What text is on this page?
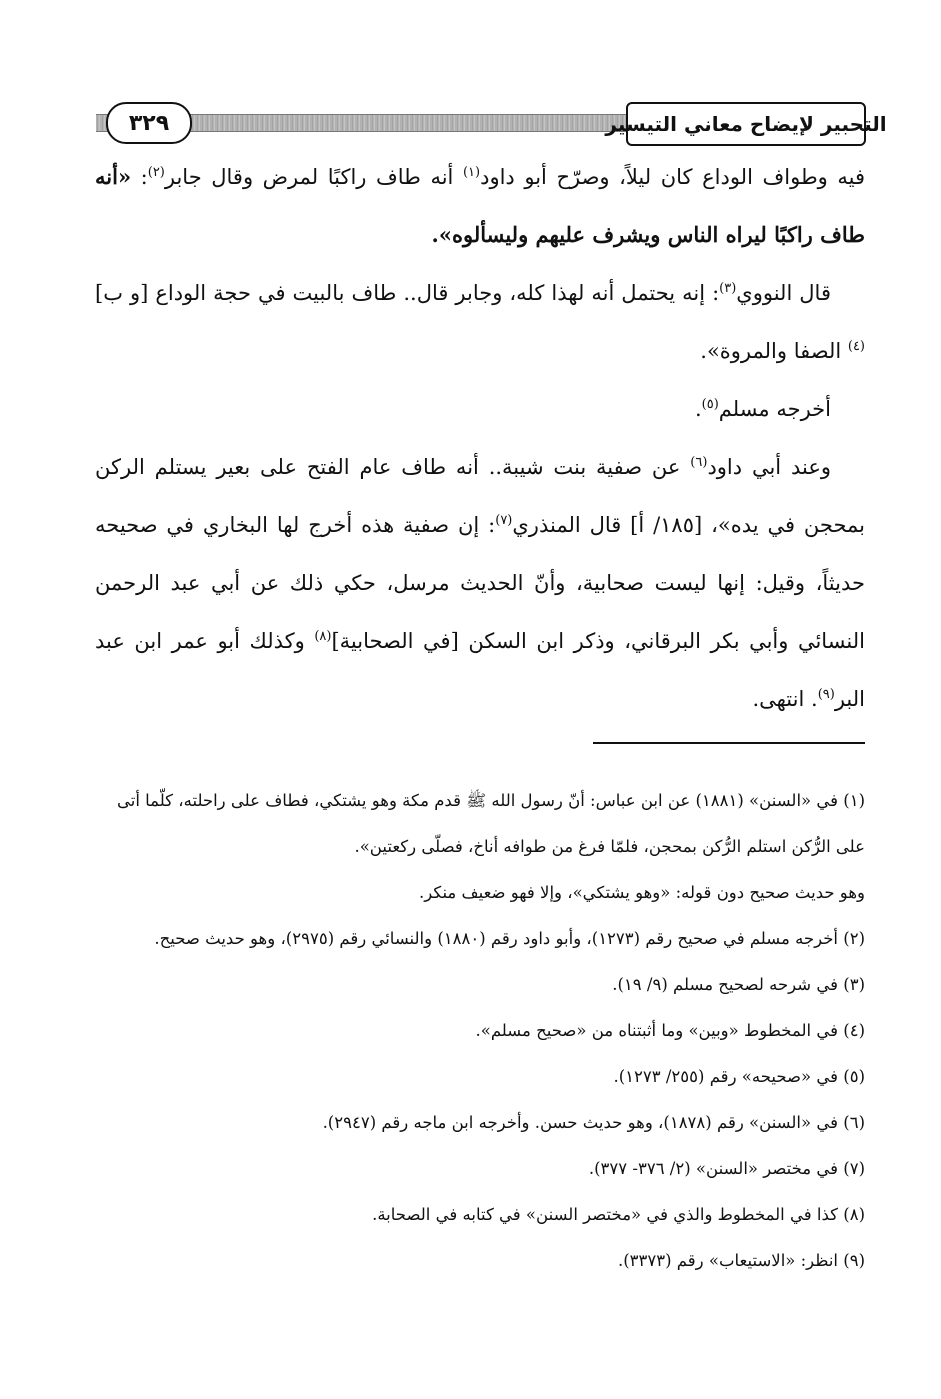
٣٢٩	التحبير لإيضاح معاني التيسير

فيه وطواف الوداع كان ليلاً، وصرّح أبو داود$^{(١)}$ أنه طاف راكبًا لمرض وقال جابر$^{(٢)}$: «أنه طاف راكبًا ليراه الناس ويشرف عليهم وليسألوه».

قال النووي$^{(٣)}$: إنه يحتمل أنه لهذا كله، وجابر قال.. طاف بالبيت في حجة الوداع [و ب]$^{(٤)}$ الصفا والمروة».

أخرجه مسلم$^{(٥)}$.

وعند أبي داود$^{(٦)}$ عن صفية بنت شيبة.. أنه طاف عام الفتح على بعير يستلم الركن بمحجن في يده»، [١٨٥/ أ] قال المنذري$^{(٧)}$: إن صفية هذه أخرج لها البخاري في صحيحه حديثاً، وقيل: إنها ليست صحابية، وأنّ الحديث مرسل، حكي ذلك عن أبي عبد الرحمن النسائي وأبي بكر البرقاني، وذكر ابن السكن [في الصحابية]$^{(٨)}$ وكذلك أبو عمر ابن عبد البر$^{(٩)}$. انتهى.

(١) في «السنن» (١٨٨١) عن ابن عباس: أنّ رسول الله ﷺ قدم مكة وهو يشتكي، فطاف على راحلته، كلّما أتى على الرُّكن استلم الرُّكن بمحجن، فلمّا فرغ من طوافه أناخ، فصلّى ركعتين».

وهو حديث صحيح دون قوله: «وهو يشتكي»، وإلا فهو ضعيف منكر.

(٢) أخرجه مسلم في صحيح رقم (١٢٧٣)، وأبو داود رقم (١٨٨٠) والنسائي رقم (٢٩٧٥)، وهو حديث صحيح.

(٣) في شرحه لصحيح مسلم (٩/ ١٩).

(٤) في المخطوط «وبين» وما أثبتناه من «صحيح مسلم».

(٥) في «صحيحه» رقم (٢٥٥/ ١٢٧٣).

(٦) في «السنن» رقم (١٨٧٨)، وهو حديث حسن. وأخرجه ابن ماجه رقم (٢٩٤٧).

(٧) في مختصر «السنن» (٢/ ٣٧٦- ٣٧٧).

(٨) كذا في المخطوط والذي في «مختصر السنن» في كتابه في الصحابة.

(٩) انظر: «الاستيعاب» رقم (٣٣٧٣).
